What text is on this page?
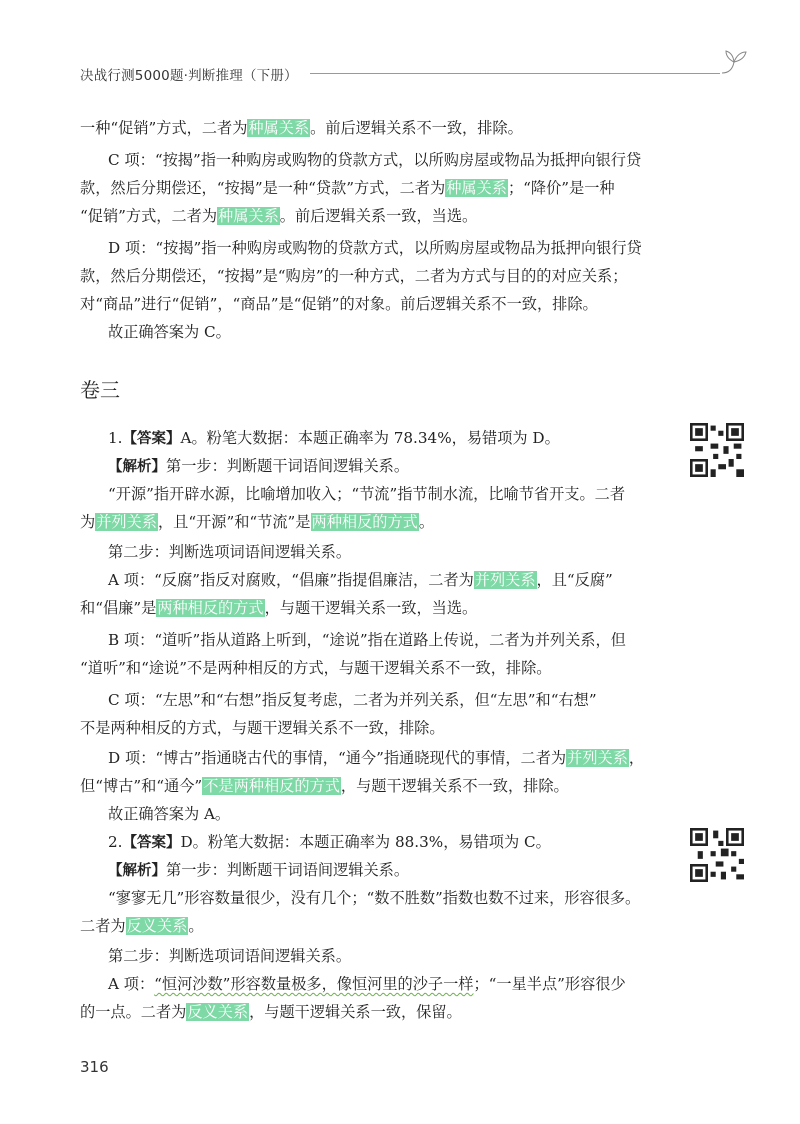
决战行测5000题·判断推理（下册）
一种“促销”方式，二者为种属关系。前后逻辑关系不一致，排除。
C 项：“按揭”指一种购房或购物的贷款方式，以所购房屋或物品为抵押向银行贷
款，然后分期偿还，“按揭”是一种“贷款”方式，二者为种属关系；“降价”是一种
“促销”方式，二者为种属关系。前后逻辑关系一致，当选。
D 项：“按揭”指一种购房或购物的贷款方式，以所购房屋或物品为抵押向银行贷
款，然后分期偿还，“按揭”是“购房”的一种方式，二者为方式与目的的对应关系；
对“商品”进行“促销”，“商品”是“促销”的对象。前后逻辑关系不一致，排除。
故正确答案为 C。
卷三
1.【答案】A。粉笔大数据：本题正确率为 78.34%，易错项为 D。
【解析】第一步：判断题干词语间逻辑关系。
“开源”指开辟水源，比喻增加收入；“节流”指节制水流，比喻节省开支。二者
为并列关系，且“开源”和“节流”是两种相反的方式。
第二步：判断选项词语间逻辑关系。
A 项：“反腐”指反对腐败，“倡廉”指提倡廉洁，二者为并列关系，且“反腐”
和“倡廉”是两种相反的方式，与题干逻辑关系一致，当选。
B 项：“道听”指从道路上听到，“途说”指在道路上传说，二者为并列关系，但
“道听”和“途说”不是两种相反的方式，与题干逻辑关系不一致，排除。
C 项：“左思”和“右想”指反复考虑，二者为并列关系，但“左思”和“右想”
不是两种相反的方式，与题干逻辑关系不一致，排除。
D 项：“博古”指通晓古代的事情，“通今”指通晓现代的事情，二者为并列关系，
但“博古”和“通今”不是两种相反的方式，与题干逻辑关系不一致，排除。
故正确答案为 A。
2.【答案】D。粉笔大数据：本题正确率为 88.3%，易错项为 C。
【解析】第一步：判断题干词语间逻辑关系。
“寥寥无几”形容数量很少，没有几个；“数不胜数”指数也数不过来，形容很多。
二者为反义关系。
第二步：判断选项词语间逻辑关系。
A 项：“恒河沙数”形容数量极多，像恒河里的沙子一样；“一星半点”形容很少
的一点。二者为反义关系，与题干逻辑关系一致，保留。
316
